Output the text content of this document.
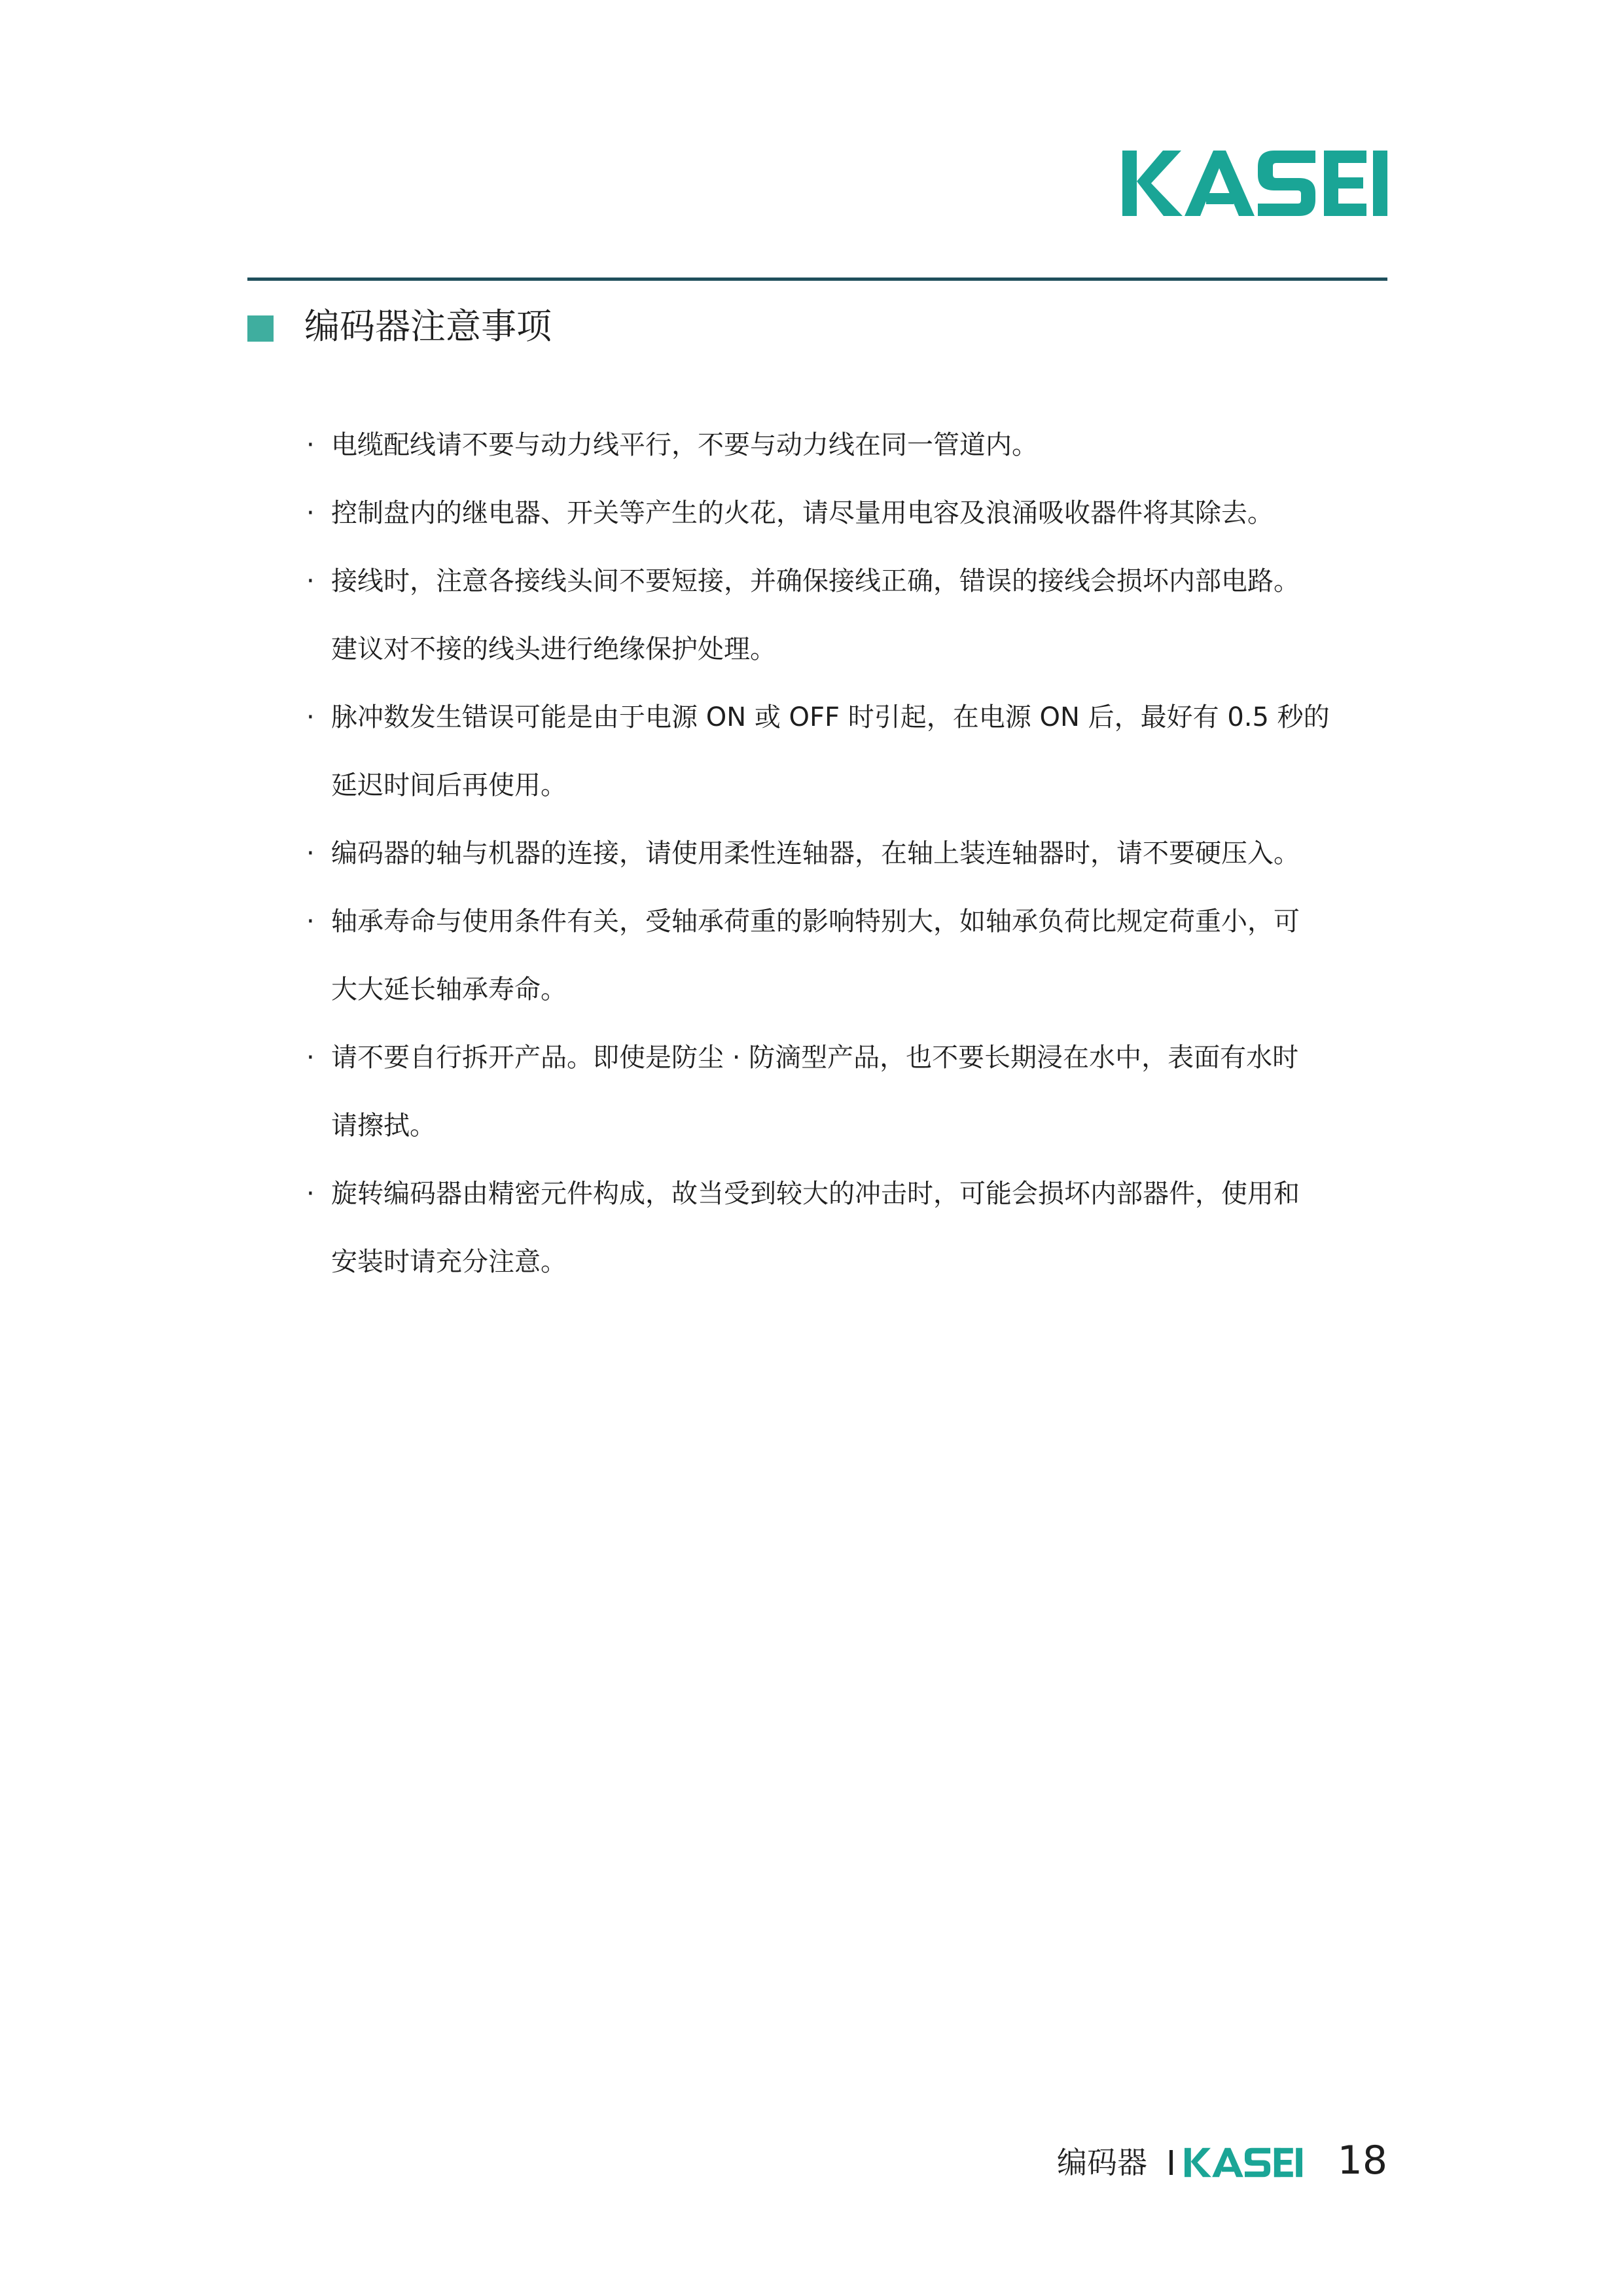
编码器注意事项
· 电缆配线请不要与动力线平行，不要与动力线在同一管道内。
· 控制盘内的继电器、开关等产生的火花，请尽量用电容及浪涌吸收器件将其除去。
· 接线时，注意各接线头间不要短接，并确保接线正确，错误的接线会损坏内部电路。
建议对不接的线头进行绝缘保护处理。
· 脉冲数发生错误可能是由于电源 ON 或 OFF 时引起，在电源 ON 后，最好有 0.5 秒的
延迟时间后再使用。
· 编码器的轴与机器的连接，请使用柔性连轴器，在轴上装连轴器时，请不要硬压入。
· 轴承寿命与使用条件有关，受轴承荷重的影响特别大，如轴承负荷比规定荷重小，可
大大延长轴承寿命。
· 请不要自行拆开产品。即使是防尘 · 防滴型产品，也不要长期浸在水中，表面有水时
请擦拭。
· 旋转编码器由精密元件构成，故当受到较大的冲击时，可能会损坏内部器件，使用和
安装时请充分注意。
编码器	18
